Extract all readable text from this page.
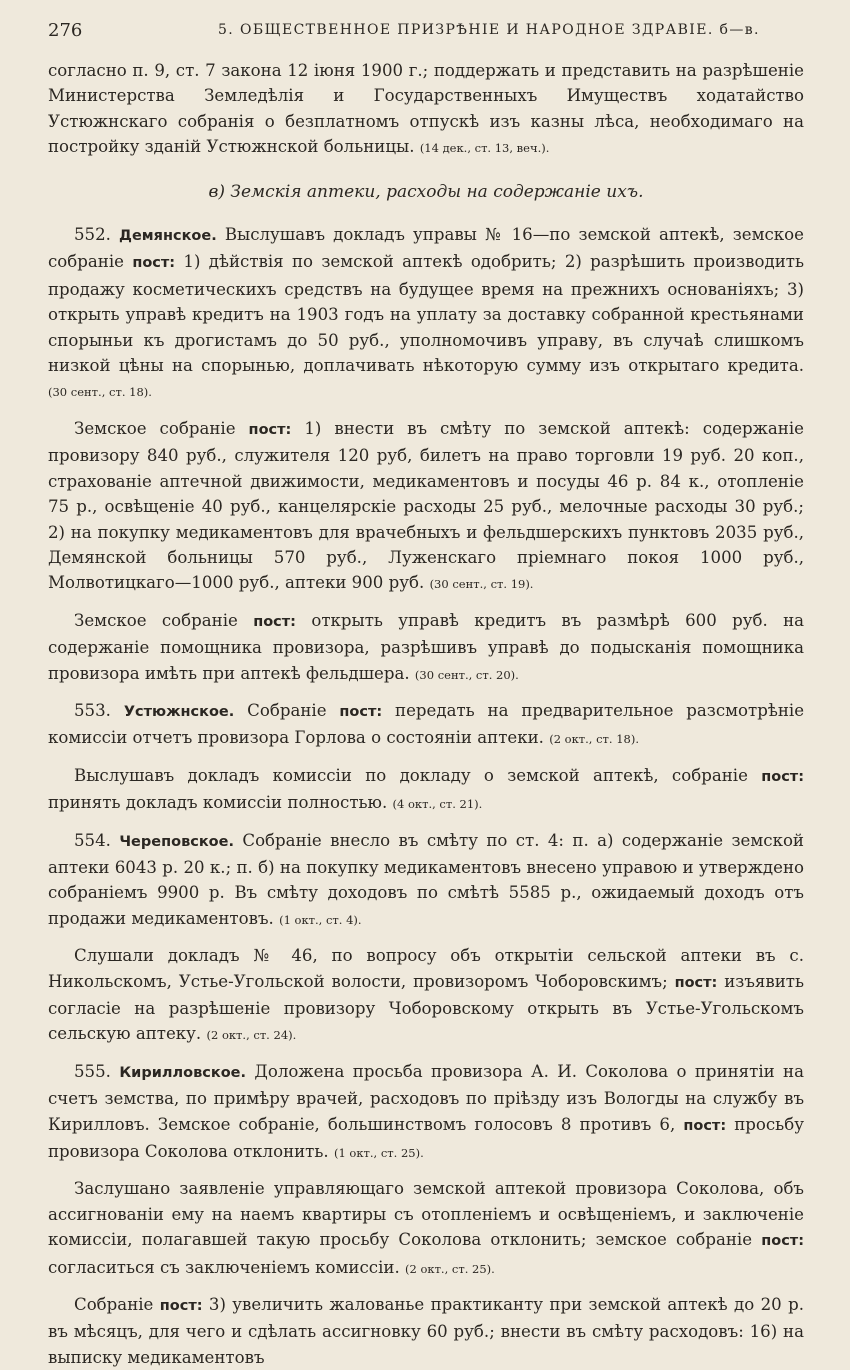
276	5. ОБЩЕСТВЕННОЕ ПРИЗРѢНІЕ И НАРОДНОЕ ЗДРАВІЕ. б—в.

согласно п. 9, ст. 7 закона 12 іюня 1900 г.; поддержать и представить на разрѣшеніе Министерства Земледѣлія и Государственныхъ Имуществъ ходатайство Устюжнскаго собранія о безплатномъ отпускѣ изъ казны лѣса, необходимаго на постройку зданій Устюжнской больницы. (14 дек., ст. 13, веч.).

в) Земскія аптеки, расходы на содержаніе ихъ.

552. Демянское. Выслушавъ докладъ управы № 16—по земской аптекѣ, земское собраніе пост: 1) дѣйствія по земской аптекѣ одобрить; 2) разрѣшить производить продажу косметическихъ средствъ на будущее время на прежнихъ основаніяхъ; 3) открыть управѣ кредитъ на 1903 годъ на уплату за доставку собранной крестьянами спорыньи къ дрогистамъ до 50 руб., уполномочивъ управу, въ случаѣ слишкомъ низкой цѣны на спорынью, доплачивать нѣкоторую сумму изъ открытаго кредита. (30 сент., ст. 18).

Земское собраніе пост: 1) внести въ смѣту по земской аптекѣ: содержаніе провизору 840 руб., служителя 120 руб, билетъ на право торговли 19 руб. 20 коп., страхованіе аптечной движимости, медикаментовъ и посуды 46 р. 84 к., отопленіе 75 р., освѣщеніе 40 руб., канцелярскіе расходы 25 руб., мелочные расходы 30 руб.; 2) на покупку медикаментовъ для врачебныхъ и фельдшерскихъ пунктовъ 2035 руб., Демянской больницы 570 руб., Луженскаго пріемнаго покоя 1000 руб., Молвотицкаго—1000 руб., аптеки 900 руб. (30 сент., ст. 19).

Земское собраніе пост: открыть управѣ кредитъ въ размѣрѣ 600 руб. на содержаніе помощника провизора, разрѣшивъ управѣ до подысканія помощника провизора имѣть при аптекѣ фельдшера. (30 сент., ст. 20).

553. Устюжнское. Собраніе пост: передать на предварительное разсмотрѣніе комиссіи отчетъ провизора Горлова о состояніи аптеки. (2 окт., ст. 18).

Выслушавъ докладъ комиссіи по докладу о земской аптекѣ, собраніе пост: принять докладъ комиссіи полностью. (4 окт., ст. 21).

554. Череповское. Собраніе внесло въ смѣту по ст. 4: п. а) содержаніе земской аптеки 6043 р. 20 к.; п. б) на покупку медикаментовъ внесено управою и утверждено собраніемъ 9900 р. Въ смѣту доходовъ по смѣтѣ 5585 р., ожидаемый доходъ отъ продажи медикаментовъ. (1 окт., ст. 4).

Слушали докладъ № 46, по вопросу объ открытіи сельской аптеки въ с. Никольскомъ, Устье-Угольской волости, провизоромъ Чоборовскимъ; пост: изъявить согласіе на разрѣшеніе провизору Чоборовскому открыть въ Устье-Угольскомъ сельскую аптеку. (2 окт., ст. 24).

555. Кирилловское. Доложена просьба провизора А. И. Соколова о принятіи на счетъ земства, по примѣру врачей, расходовъ по пріѣзду изъ Вологды на службу въ Кирилловъ. Земское собраніе, большинствомъ голосовъ 8 противъ 6, пост: просьбу провизора Соколова отклонить. (1 окт., ст. 25).

Заслушано заявленіе управляющаго земской аптекой провизора Соколова, объ ассигнованіи ему на наемъ квартиры съ отопленіемъ и освѣщеніемъ, и заключеніе комиссіи, полагавшей такую просьбу Соколова отклонить; земское собраніе пост: согласиться съ заключеніемъ комиссіи. (2 окт., ст. 25).

Собраніе пост: 3) увеличить жалованье практиканту при земской аптекѣ до 20 р. въ мѣсяцъ, для чего и сдѣлать ассигновку 60 руб.; внести въ смѣту расходовъ: 16) на выписку медикаментовъ
